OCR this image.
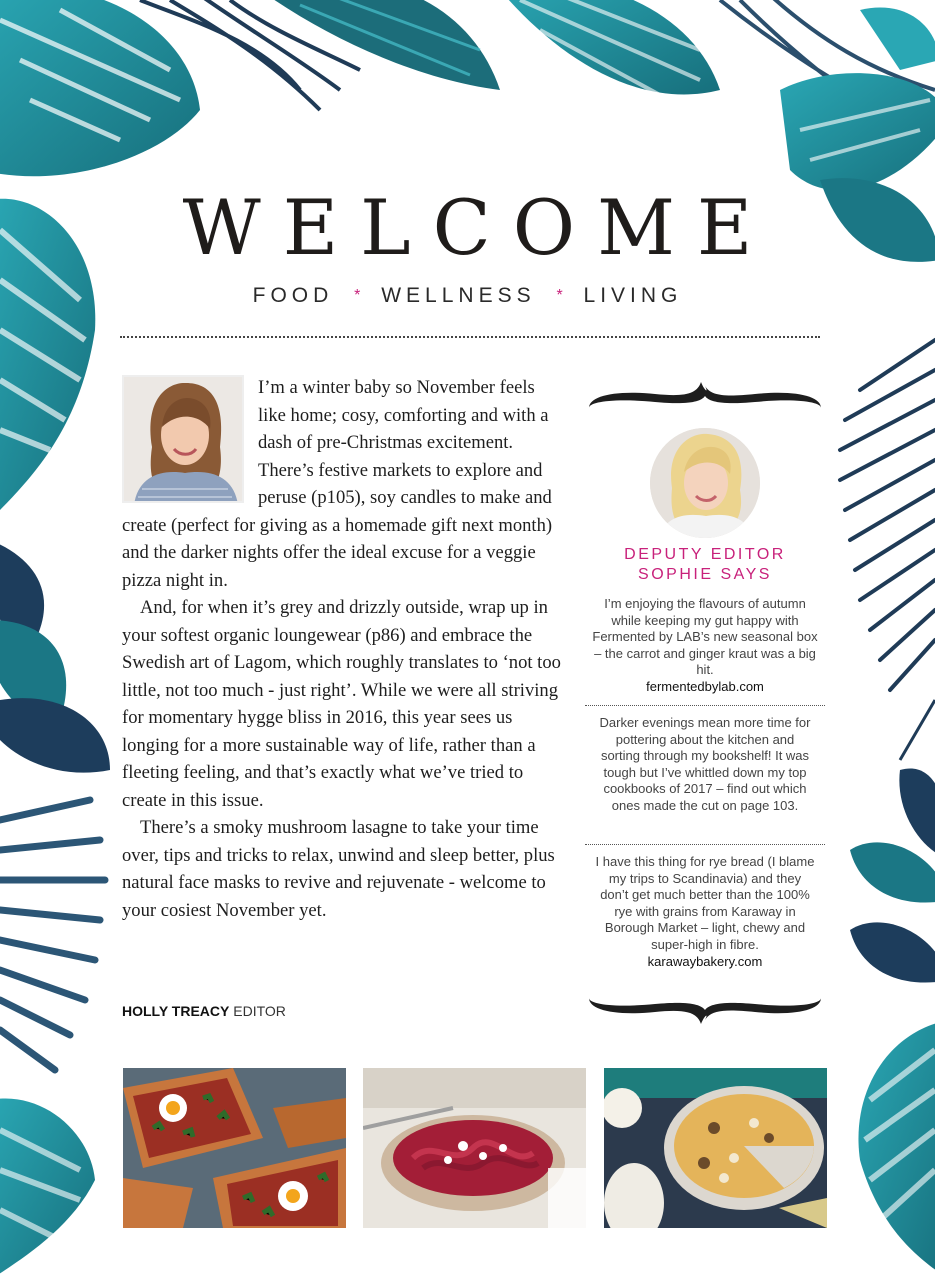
WELCOME
FOOD * WELLNESS * LIVING

I’m a winter baby so November feels like home; cosy, comforting and with a dash of pre-Christmas excitement. There’s festive markets to explore and peruse (p105), soy candles to make and create (perfect for giving as a homemade gift next month) and the darker nights offer the ideal excuse for a veggie pizza night in.

And, for when it’s grey and drizzly outside, wrap up in your softest organic loungewear (p86) and embrace the Swedish art of Lagom, which roughly translates to ‘not too little, not too much - just right’. While we were all striving for momentary hygge bliss in 2016, this year sees us longing for a more sustainable way of life, rather than a fleeting feeling, and that’s exactly what we’ve tried to create in this issue.

There’s a smoky mushroom lasagne to take your time over, tips and tricks to relax, unwind and sleep better, plus natural face masks to revive and rejuvenate - welcome to your cosiest November yet.

HOLLY TREACY EDITOR
DEPUTY EDITOR
SOPHIE SAYS
I’m enjoying the flavours of autumn while keeping my gut happy with Fermented by LAB’s new seasonal box – the carrot and ginger kraut was a big hit.
fermentedbylab.com
Darker evenings mean more time for pottering about the kitchen and sorting through my bookshelf! It was tough but I’ve whittled down my top cookbooks of 2017 – find out which ones made the cut on page 103.
I have this thing for rye bread (I blame my trips to Scandinavia) and they don’t get much better than the 100% rye with grains from Karaway in Borough Market – light, chewy and super-high in fibre.
karawaybakery.com
